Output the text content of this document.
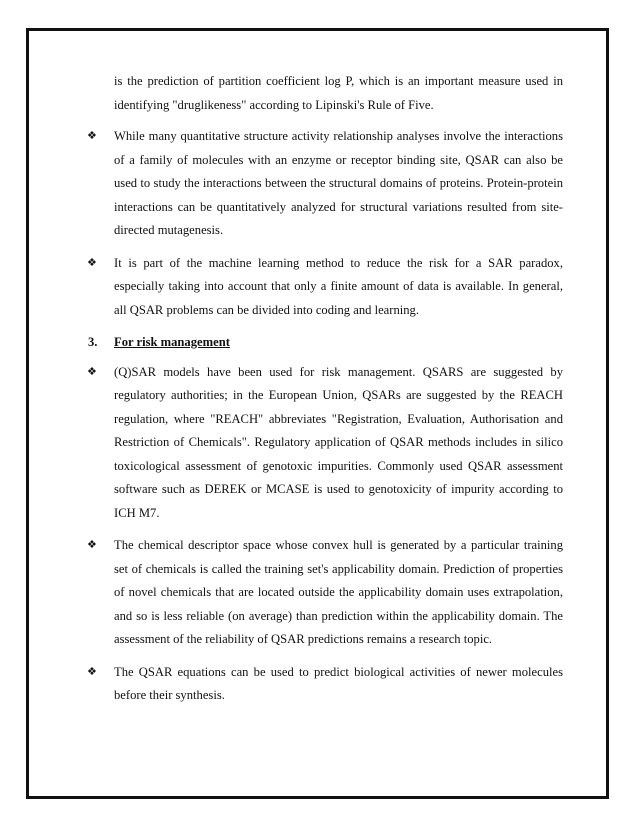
is the prediction of partition coefficient log P, which is an important measure used in identifying "druglikeness" according to Lipinski's Rule of Five.
❖ While many quantitative structure activity relationship analyses involve the interactions of a family of molecules with an enzyme or receptor binding site, QSAR can also be used to study the interactions between the structural domains of proteins. Protein-protein interactions can be quantitatively analyzed for structural variations resulted from site-directed mutagenesis.
❖ It is part of the machine learning method to reduce the risk for a SAR paradox, especially taking into account that only a finite amount of data is available. In general, all QSAR problems can be divided into coding and learning.
3. For risk management
❖ (Q)SAR models have been used for risk management. QSARS are suggested by regulatory authorities; in the European Union, QSARs are suggested by the REACH regulation, where "REACH" abbreviates "Registration, Evaluation, Authorisation and Restriction of Chemicals". Regulatory application of QSAR methods includes in silico toxicological assessment of genotoxic impurities. Commonly used QSAR assessment software such as DEREK or MCASE is used to genotoxicity of impurity according to ICH M7.
❖ The chemical descriptor space whose convex hull is generated by a particular training set of chemicals is called the training set's applicability domain. Prediction of properties of novel chemicals that are located outside the applicability domain uses extrapolation, and so is less reliable (on average) than prediction within the applicability domain. The assessment of the reliability of QSAR predictions remains a research topic.
❖ The QSAR equations can be used to predict biological activities of newer molecules before their synthesis.
